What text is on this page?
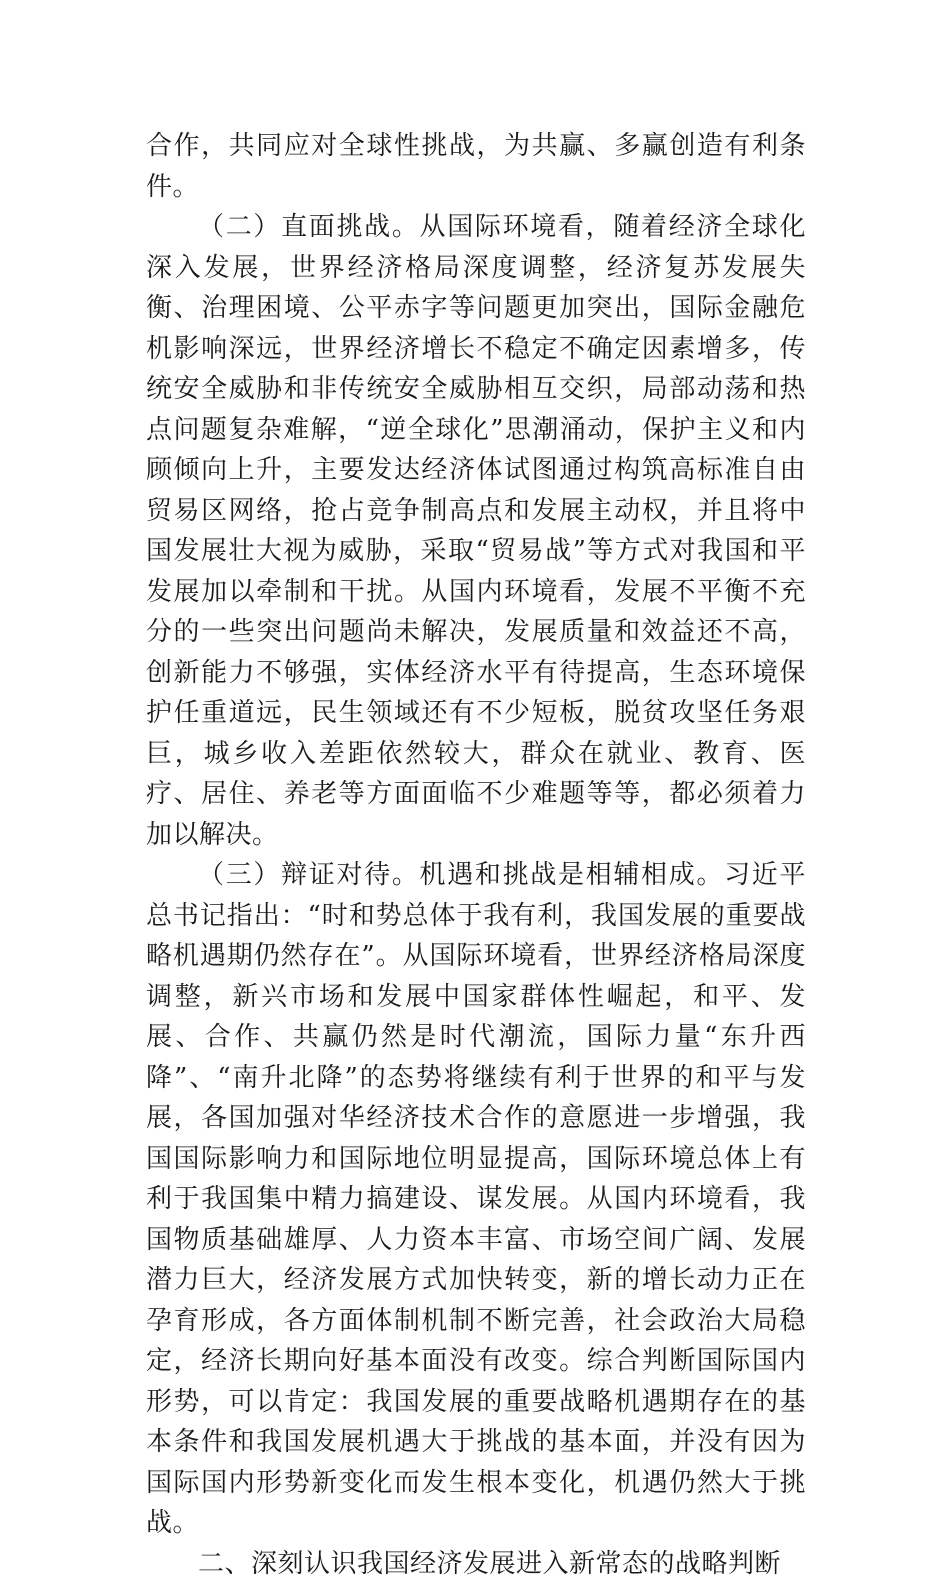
合作，共同应对全球性挑战，为共赢、多赢创造有利条件。

（二）直面挑战。从国际环境看，随着经济全球化深入发展，世界经济格局深度调整，经济复苏发展失衡、治理困境、公平赤字等问题更加突出，国际金融危机影响深远，世界经济增长不稳定不确定因素增多，传统安全威胁和非传统安全威胁相互交织，局部动荡和热点问题复杂难解，“逆全球化”思潮涌动，保护主义和内顾倾向上升，主要发达经济体试图通过构筑高标准自由贸易区网络，抢占竞争制高点和发展主动权，并且将中国发展壮大视为威胁，采取“贸易战”等方式对我国和平发展加以牵制和干扰。从国内环境看，发展不平衡不充分的一些突出问题尚未解决，发展质量和效益还不高，创新能力不够强，实体经济水平有待提高，生态环境保护任重道远，民生领域还有不少短板，脱贫攻坚任务艰巨，城乡收入差距依然较大，群众在就业、教育、医疗、居住、养老等方面面临不少难题等等，都必须着力加以解决。

（三）辩证对待。机遇和挑战是相辅相成。习近平总书记指出：“时和势总体于我有利，我国发展的重要战略机遇期仍然存在”。从国际环境看，世界经济格局深度调整，新兴市场和发展中国家群体性崛起，和平、发展、合作、共赢仍然是时代潮流，国际力量“东升西降”、“南升北降”的态势将继续有利于世界的和平与发展，各国加强对华经济技术合作的意愿进一步增强，我国国际影响力和国际地位明显提高，国际环境总体上有利于我国集中精力搞建设、谋发展。从国内环境看，我国物质基础雄厚、人力资本丰富、市场空间广阔、发展潜力巨大，经济发展方式加快转变，新的增长动力正在孕育形成，各方面体制机制不断完善，社会政治大局稳定，经济长期向好基本面没有改变。综合判断国际国内形势，可以肯定：我国发展的重要战略机遇期存在的基本条件和我国发展机遇大于挑战的基本面，并没有因为国际国内形势新变化而发生根本变化，机遇仍然大于挑战。

二、深刻认识我国经济发展进入新常态的战略判断
